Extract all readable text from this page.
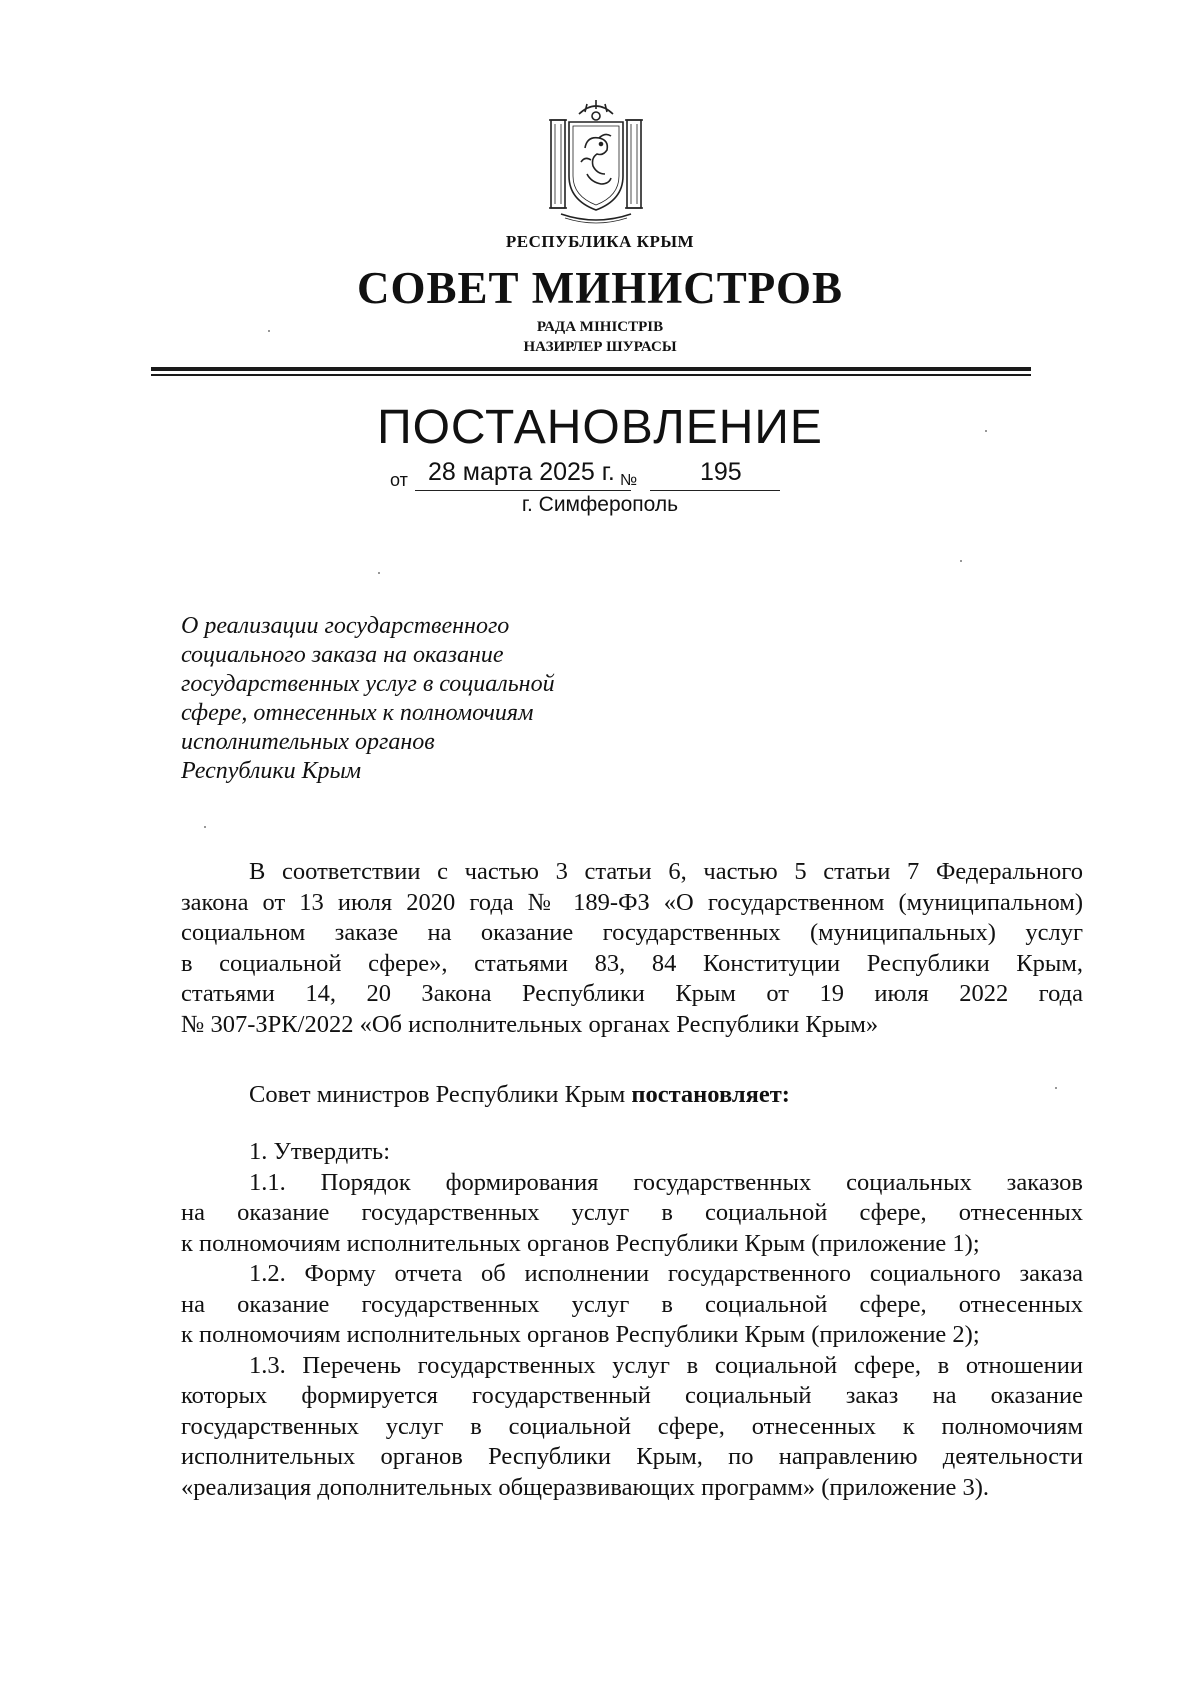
РЕСПУБЛИКА КРЫМ
СОВЕТ МИНИСТРОВ
РАДА МІНІСТРІВ
НАЗИРЛЕР ШУРАСЫ
ПОСТАНОВЛЕНИЕ
от 28 марта 2025 г. №	195
г. Симферополь
О реализации государственного
социального заказа на оказание
государственных услуг в социальной
сфере, отнесенных к полномочиям
исполнительных органов
Республики Крым
В соответствии с частью 3 статьи 6, частью 5 статьи 7 Федерального
закона от 13 июля 2020 года № 189-ФЗ «О государственном (муниципальном)
социальном заказе на оказание государственных (муниципальных) услуг
в социальной сфере», статьями 83, 84 Конституции Республики Крым,
статьями 14, 20 Закона Республики Крым от 19 июля 2022 года
№ 307-ЗРК/2022 «Об исполнительных органах Республики Крым»
Совет министров Республики Крым постановляет:
1. Утвердить:
1.1. Порядок формирования государственных социальных заказов
на оказание государственных услуг в социальной сфере, отнесенных
к полномочиям исполнительных органов Республики Крым (приложение 1);
1.2. Форму отчета об исполнении государственного социального заказа
на оказание государственных услуг в социальной сфере, отнесенных
к полномочиям исполнительных органов Республики Крым (приложение 2);
1.3. Перечень государственных услуг в социальной сфере, в отношении
которых формируется государственный социальный заказ на оказание
государственных услуг в социальной сфере, отнесенных к полномочиям
исполнительных органов Республики Крым, по направлению деятельности
«реализация дополнительных общеразвивающих программ» (приложение 3).
